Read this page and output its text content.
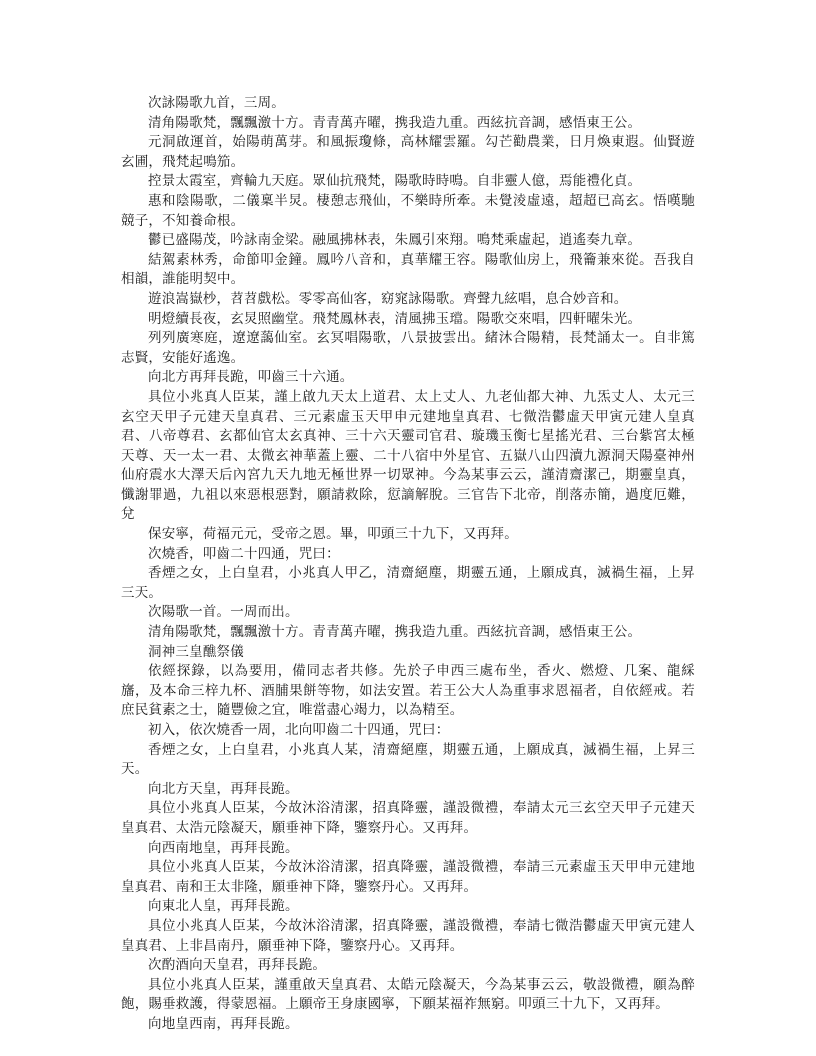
次詠陽歌九首，三周。

清角陽歌梵，飄飄激十方。青青萬卉曜，携我造九重。西絃抗音調，感悟東王公。

元洞啟運首，始陽萌萬芽。和風振瓊條，高林耀雲羅。勾芒勸農業，日月煥東遐。仙賢遊玄圃，飛梵起鳴笳。

控景太霞室，齊輪九天庭。眾仙抗飛梵，陽歌時時鳴。自非靈人億，焉能禮化貞。

惠和陰陽歌，二儀稟半炅。棲憩志飛仙，不樂時所牽。未覺淩虛遠，超超已高玄。悟嘆馳競子，不知養命根。

鬱已盛陽茂，吟詠南金梁。融風拂林表，朱鳳引來翔。鳴梵乘虛起，逍遙奏九章。

結駕素林秀，命節叩金鐘。鳳吟八音和，真華耀王容。陽歌仙房上，飛籥兼來從。吾我自相韻，誰能明契中。

遊浪嵩嶽杪，苕苕戲松。零零高仙客，窈窕詠陽歌。齊聲九絃唱，息合妙音和。

明燈續長夜，玄炅照幽堂。飛梵鳳林表，清風拂玉璫。陽歌交來唱，四軒曜朱光。

列列廣寒庭，遼遼藹仙室。玄冥唱陽歌，八景披雲出。緒沐合陽精，長梵誦太一。自非篤志賢，安能好遙逸。

向北方再拜長跪，叩齒三十六通。

具位小兆真人臣某，謹上啟九天太上道君、太上丈人、九老仙都大神、九炁丈人、太元三玄空天甲子元建天皇真君、三元素虛玉天甲申元建地皇真君、七微浩鬱虛天甲寅元建人皇真君、八帝尊君、玄都仙官太玄真神、三十六天靈司官君、璇璣玉衡七星搖光君、三台紫宮太極天尊、天一太一君、太微玄神華蓋上靈、二十八宿中外星官、五嶽八山四瀆九源洞天陽臺神州仙府震水大澤天后內宮九天九地无極世界一切眾神。今為某事云云，謹清齋潔己，期靈皇真，懺謝罪過，九祖以來惡根惡對，願請救除，愆謫解脫。三官告下北帝，削落赤簡，過度厄難，兌

保安寧，荷福元元，受帝之恩。畢，叩頭三十九下，又再拜。

次燒香，叩齒二十四通，咒曰：

香煙之女，上白皇君，小兆真人甲乙，清齋絕塵，期靈五通，上願成真，滅禍生福，上昇三天。

次陽歌一首。一周而出。

清角陽歌梵，飄飄激十方。青青萬卉曜，携我造九重。西絃抗音調，感悟東王公。

洞神三皇醮祭儀

依經探錄，以為要用，備同志者共修。先於子申西三處布坐，香火、燃燈、几案、龍綵旛，及本命三梓九杯、酒脯果餅等物，如法安置。若王公大人為重事求恩福者，自依經戒。若庶民貧素之士，隨豐儉之宜，唯當盡心竭力，以為精至。

初入，依次燒香一周，北向叩齒二十四通，咒曰：

香煙之女，上白皇君，小兆真人某，清齋絕塵，期靈五通，上願成真，滅禍生福，上昇三天。

向北方天皇，再拜長跪。

具位小兆真人臣某，今故沐浴清潔，招真降靈，謹設微禮，奉請太元三玄空天甲子元建天皇真君、太浩元陰凝天，願垂神下降，鑒察丹心。又再拜。

向西南地皇，再拜長跪。

具位小兆真人臣某，今故沐浴清潔，招真降靈，謹設微禮，奉請三元素虛玉天甲申元建地皇真君、南和王太非隆，願垂神下降，鑒察丹心。又再拜。

向東北人皇，再拜長跪。

具位小兆真人臣某，今故沐浴清潔，招真降靈，謹設微禮，奉請七微浩鬱虛天甲寅元建人皇真君、上非昌南丹，願垂神下降，鑒察丹心。又再拜。

次酌酒向天皇君，再拜長跪。

具位小兆真人臣某，謹重啟天皇真君、太皓元陰凝天，今為某事云云，敬設微禮，願為醉飽，賜垂救護，得蒙恩福。上願帝王身康國寧，下願某福祚無窮。叩頭三十九下，又再拜。

向地皇西南，再拜長跪。
